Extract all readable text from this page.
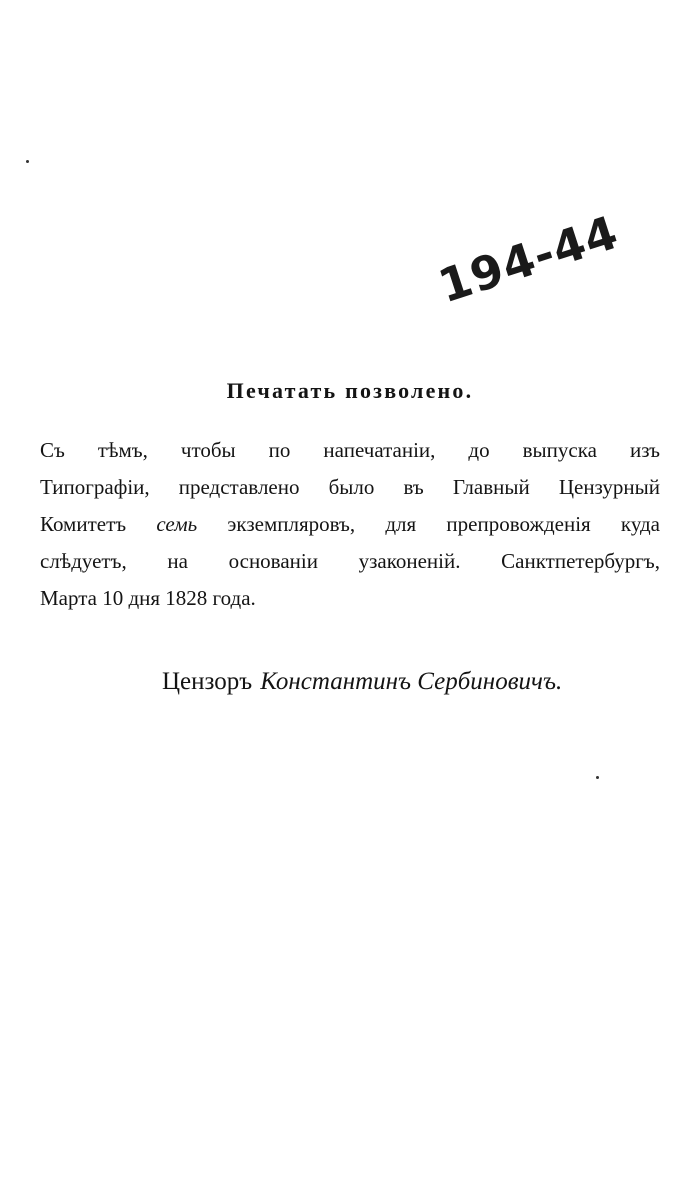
194-44
Печатать позволено.
Съ тѣмъ, чтобы по напечатаніи, до выпуска изъ
Типографіи, представлено было въ Главный Цензурный
Комитетъ семь экземпляровъ, для препровожденія куда
слѣдуетъ, на основаніи узаконеній. Санктпетербургъ,
Марта 10 дня 1828 года.
Цензоръ Константинъ Сербиновичъ.
